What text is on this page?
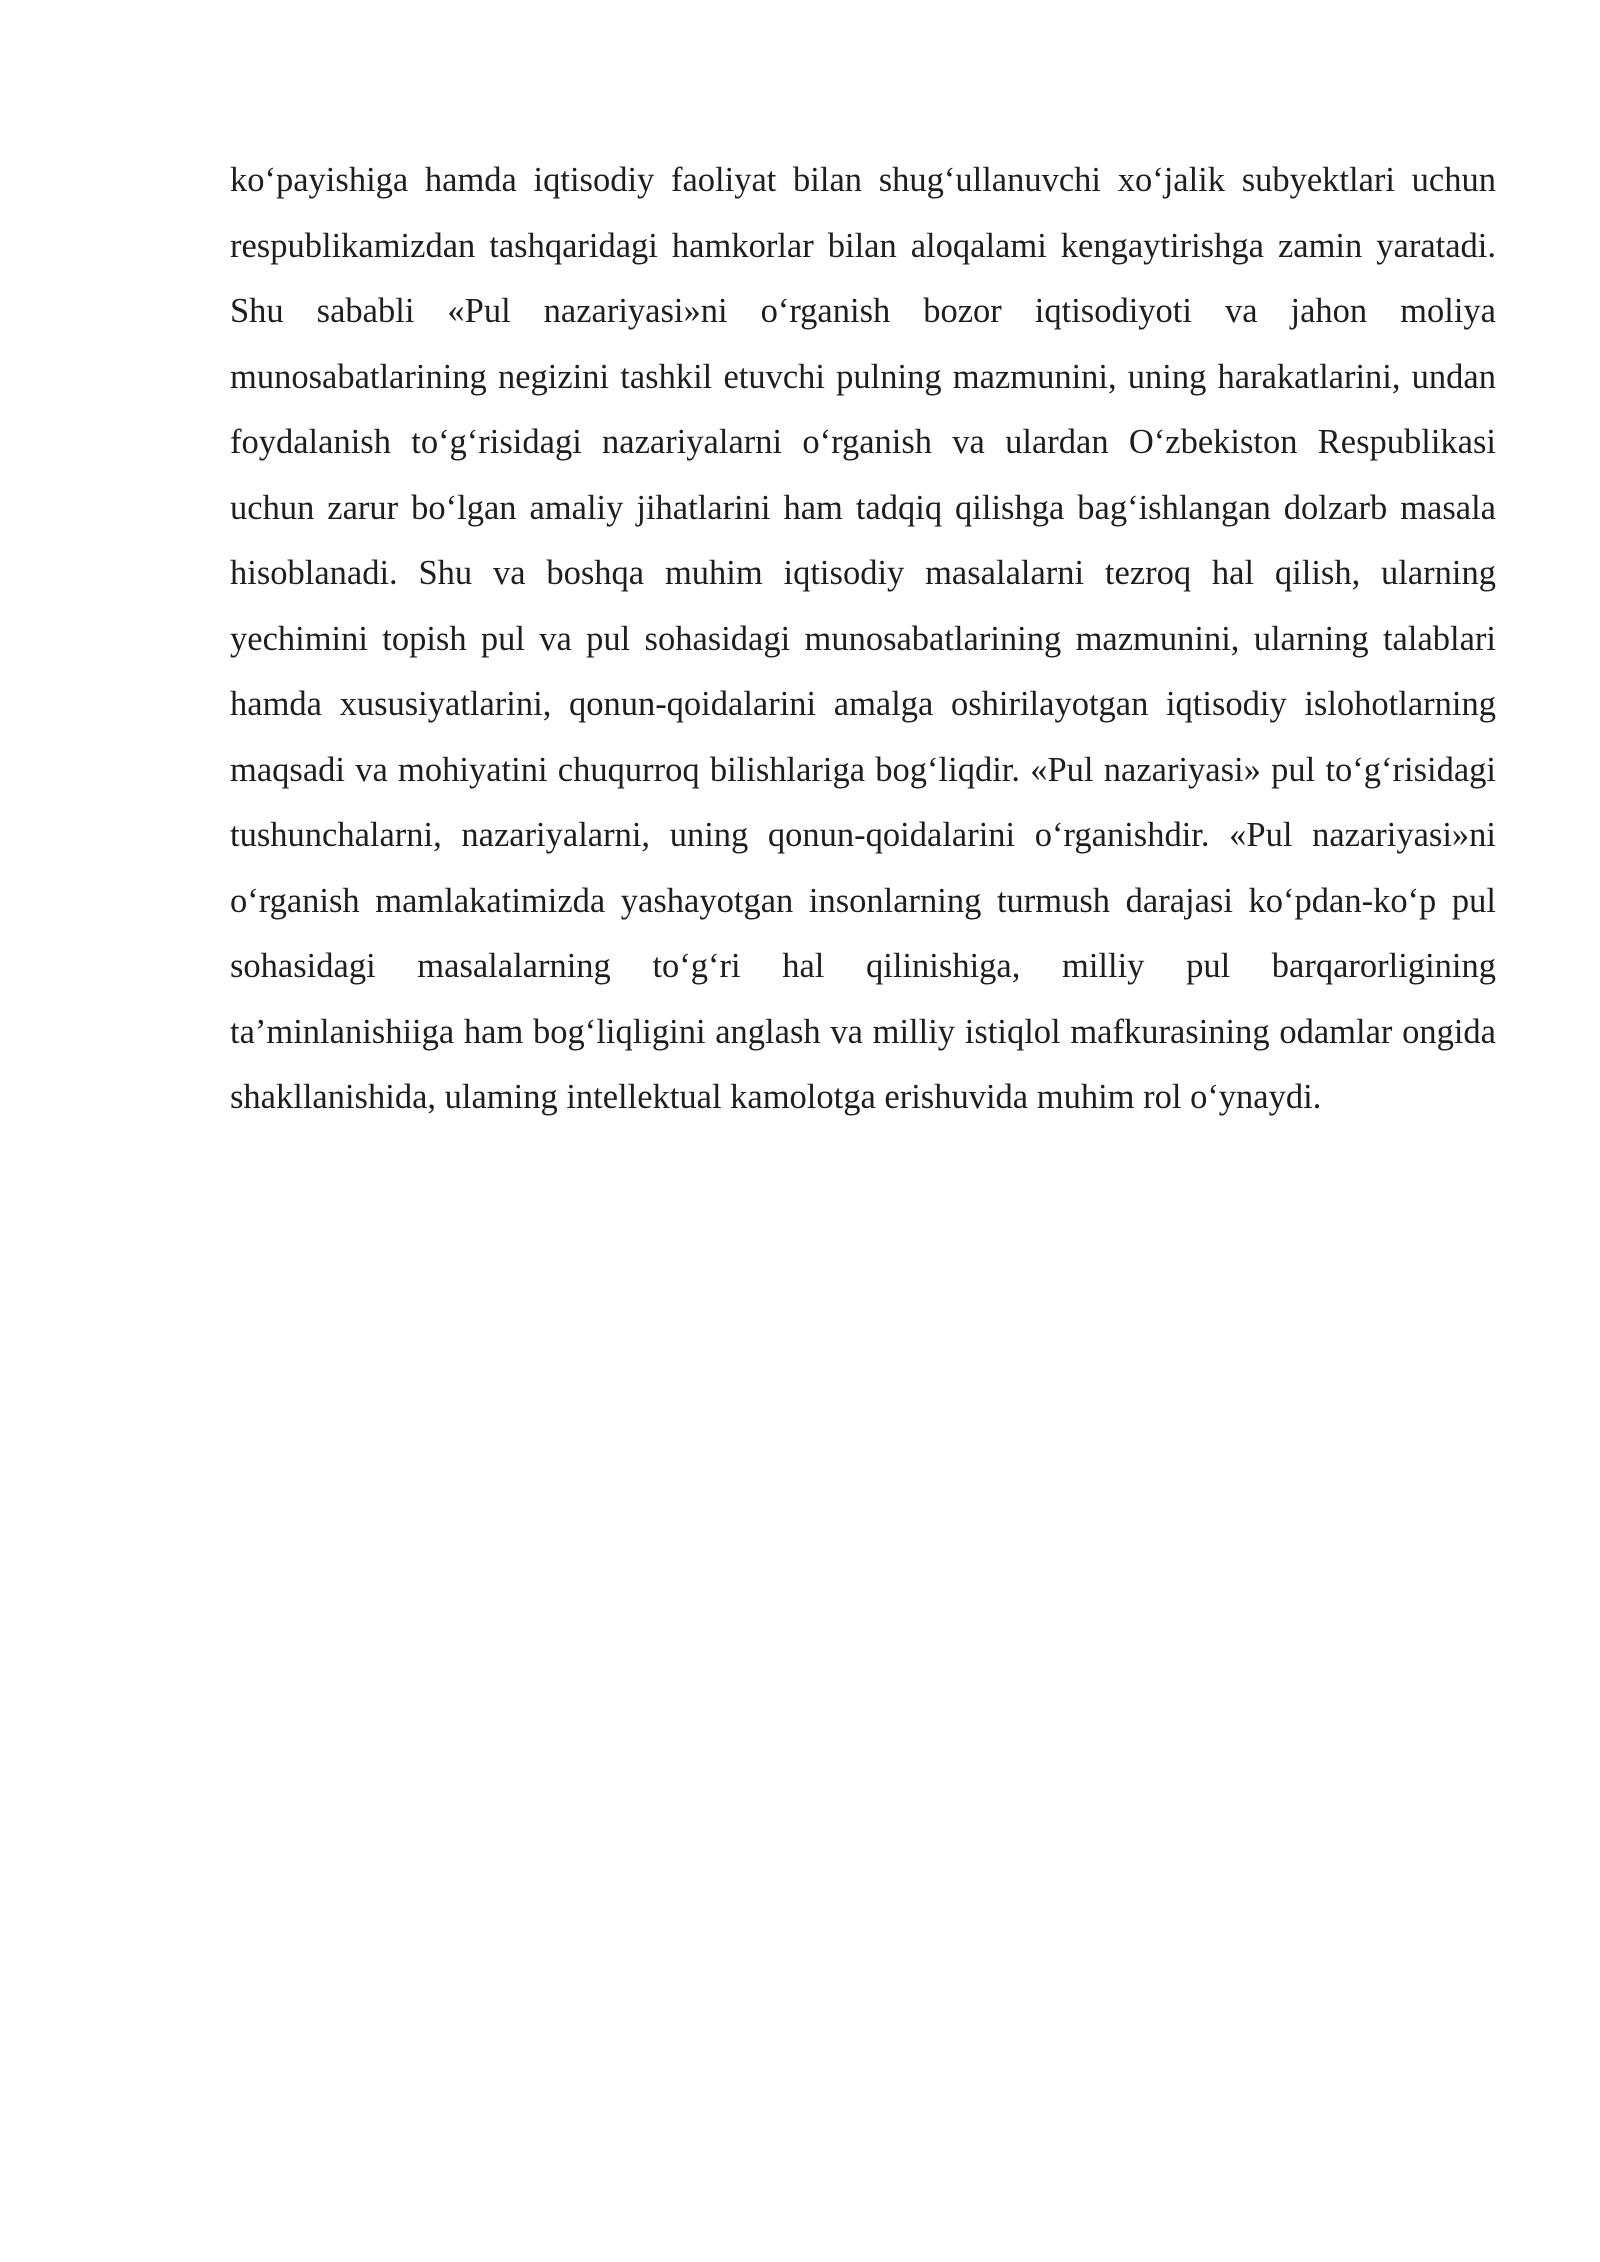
ko‘payishiga hamda iqtisodiy faoliyat bilan shug‘ullanuvchi xo‘jalik subyektlari uchun respublikamizdan tashqaridagi hamkorlar bilan aloqalami kengaytirishga zamin yaratadi. Shu sababli «Pul nazariyasi»ni o‘rganish bozor iqtisodiyoti va jahon moliya munosabatlarining negizini tashkil etuvchi pulning mazmunini, uning harakatlarini, undan foydalanish to‘g‘risidagi nazariyalarni o‘rganish va ulardan O‘zbekiston Respublikasi uchun zarur bo‘lgan amaliy jihatlarini ham tadqiq qilishga bag‘ishlangan dolzarb masala hisoblanadi. Shu va boshqa muhim iqtisodiy masalalarni tezroq hal qilish, ularning yechimini topish pul va pul sohasidagi munosabatlarining mazmunini, ularning talablari hamda xususiyatlarini, qonun-qoidalarini amalga oshirilayotgan iqtisodiy islohotlarning maqsadi va mohiyatini chuqurroq bilishlariga bog‘liqdir. «Pul nazariyasi» pul to‘g‘risidagi tushunchalarni, nazariyalarni, uning qonun-qoidalarini o‘rganishdir. «Pul nazariyasi»ni o‘rganish mamlakatimizda yashayotgan insonlarning turmush darajasi ko‘pdan-ko‘p pul sohasidagi masalalarning to‘g‘ri hal qilinishiga, milliy pul barqarorligining ta’minlanishiiga ham bog‘liqligini anglash va milliy istiqlol mafkurasining odamlar ongida shakllanishida, ulaming intellektual kamolotga erishuvida muhim rol o‘ynaydi.
